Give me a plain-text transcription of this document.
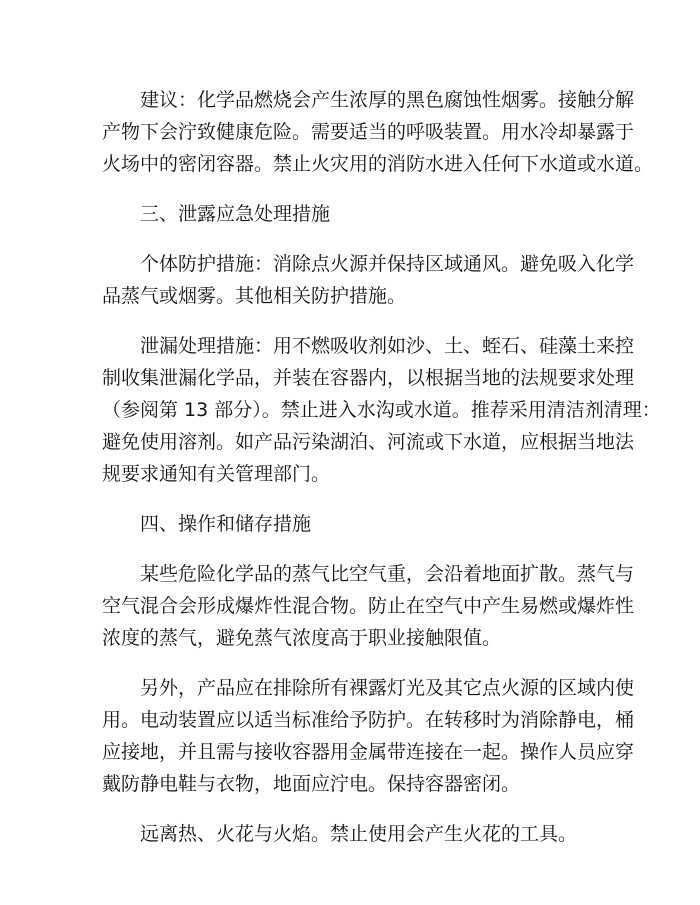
建议：化学品燃烧会产生浓厚的黑色腐蚀性烟雾。接触分解
产物下会泞致健康危险。需要适当的呼吸装置。用水冷却暴露于
火场中的密闭容器。禁止火灾用的消防水进入任何下水道或水道。

三、泄露应急处理措施

个体防护措施：消除点火源并保持区域通风。避免吸入化学
品蒸气或烟雾。其他相关防护措施。

泄漏处理措施：用不燃吸收剂如沙、土、蛭石、硅藻土来控
制收集泄漏化学品，并装在容器内，以根据当地的法规要求处理
（参阅第 13 部分）。禁止进入水沟或水道。推荐采用清洁剂清理：
避免使用溶剂。如产品污染湖泊、河流或下水道，应根据当地法
规要求通知有关管理部门。

四、操作和储存措施

某些危险化学品的蒸气比空气重，会沿着地面扩散。蒸气与
空气混合会形成爆炸性混合物。防止在空气中产生易燃或爆炸性
浓度的蒸气，避免蒸气浓度高于职业接触限值。

另外，产品应在排除所有裸露灯光及其它点火源的区域内使
用。电动装置应以适当标准给予防护。在转移时为消除静电，桶
应接地，并且需与接收容器用金属带连接在一起。操作人员应穿
戴防静电鞋与衣物，地面应泞电。保持容器密闭。

远离热、火花与火焰。禁止使用会产生火花的工具。
